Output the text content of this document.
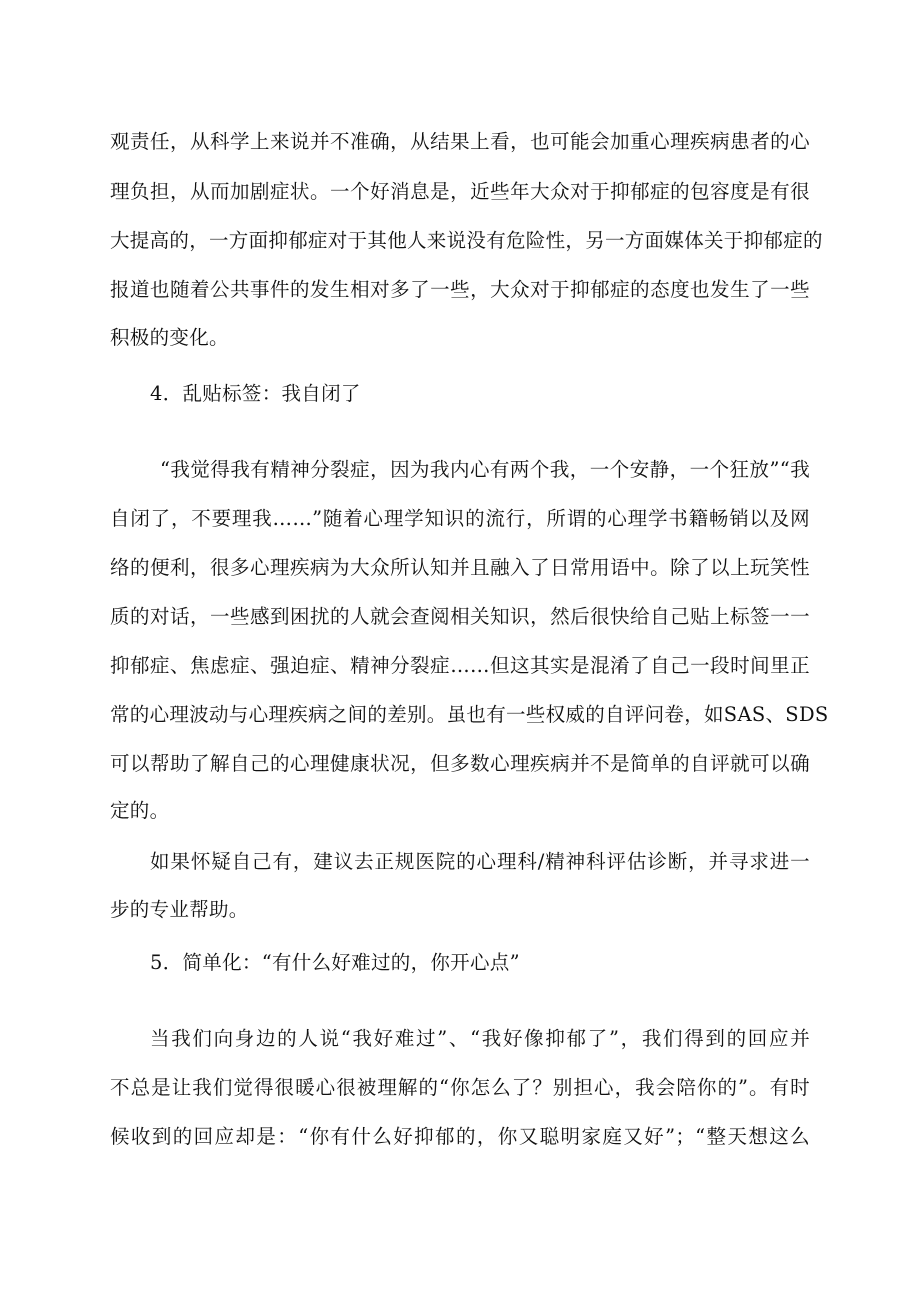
观责任，从科学上来说并不准确，从结果上看，也可能会加重心理疾病患者的心
理负担，从而加剧症状。一个好消息是，近些年大众对于抑郁症的包容度是有很
大提高的，一方面抑郁症对于其他人来说没有危险性，另一方面媒体关于抑郁症的
报道也随着公共事件的发生相对多了一些，大众对于抑郁症的态度也发生了一些
积极的变化。
4．乱贴标签：我自闭了
“我觉得我有精神分裂症，因为我内心有两个我，一个安静，一个狂放”“我
自闭了，不要理我……”随着心理学知识的流行，所谓的心理学书籍畅销以及网
络的便利，很多心理疾病为大众所认知并且融入了日常用语中。除了以上玩笑性
质的对话，一些感到困扰的人就会查阅相关知识，然后很快给自己贴上标签一一
抑郁症、焦虑症、强迫症、精神分裂症……但这其实是混淆了自己一段时间里正
常的心理波动与心理疾病之间的差别。虽也有一些权威的自评问卷，如SAS、SDS
可以帮助了解自己的心理健康状况，但多数心理疾病并不是简单的自评就可以确
定的。
如果怀疑自己有，建议去正规医院的心理科/精神科评估诊断，并寻求进一
步的专业帮助。
5．简单化：“有什么好难过的，你开心点”
当我们向身边的人说“我好难过”、“我好像抑郁了”，我们得到的回应并
不总是让我们觉得很暖心很被理解的“你怎么了？别担心，我会陪你的”。有时
候收到的回应却是：“你有什么好抑郁的，你又聪明家庭又好”；“整天想这么
